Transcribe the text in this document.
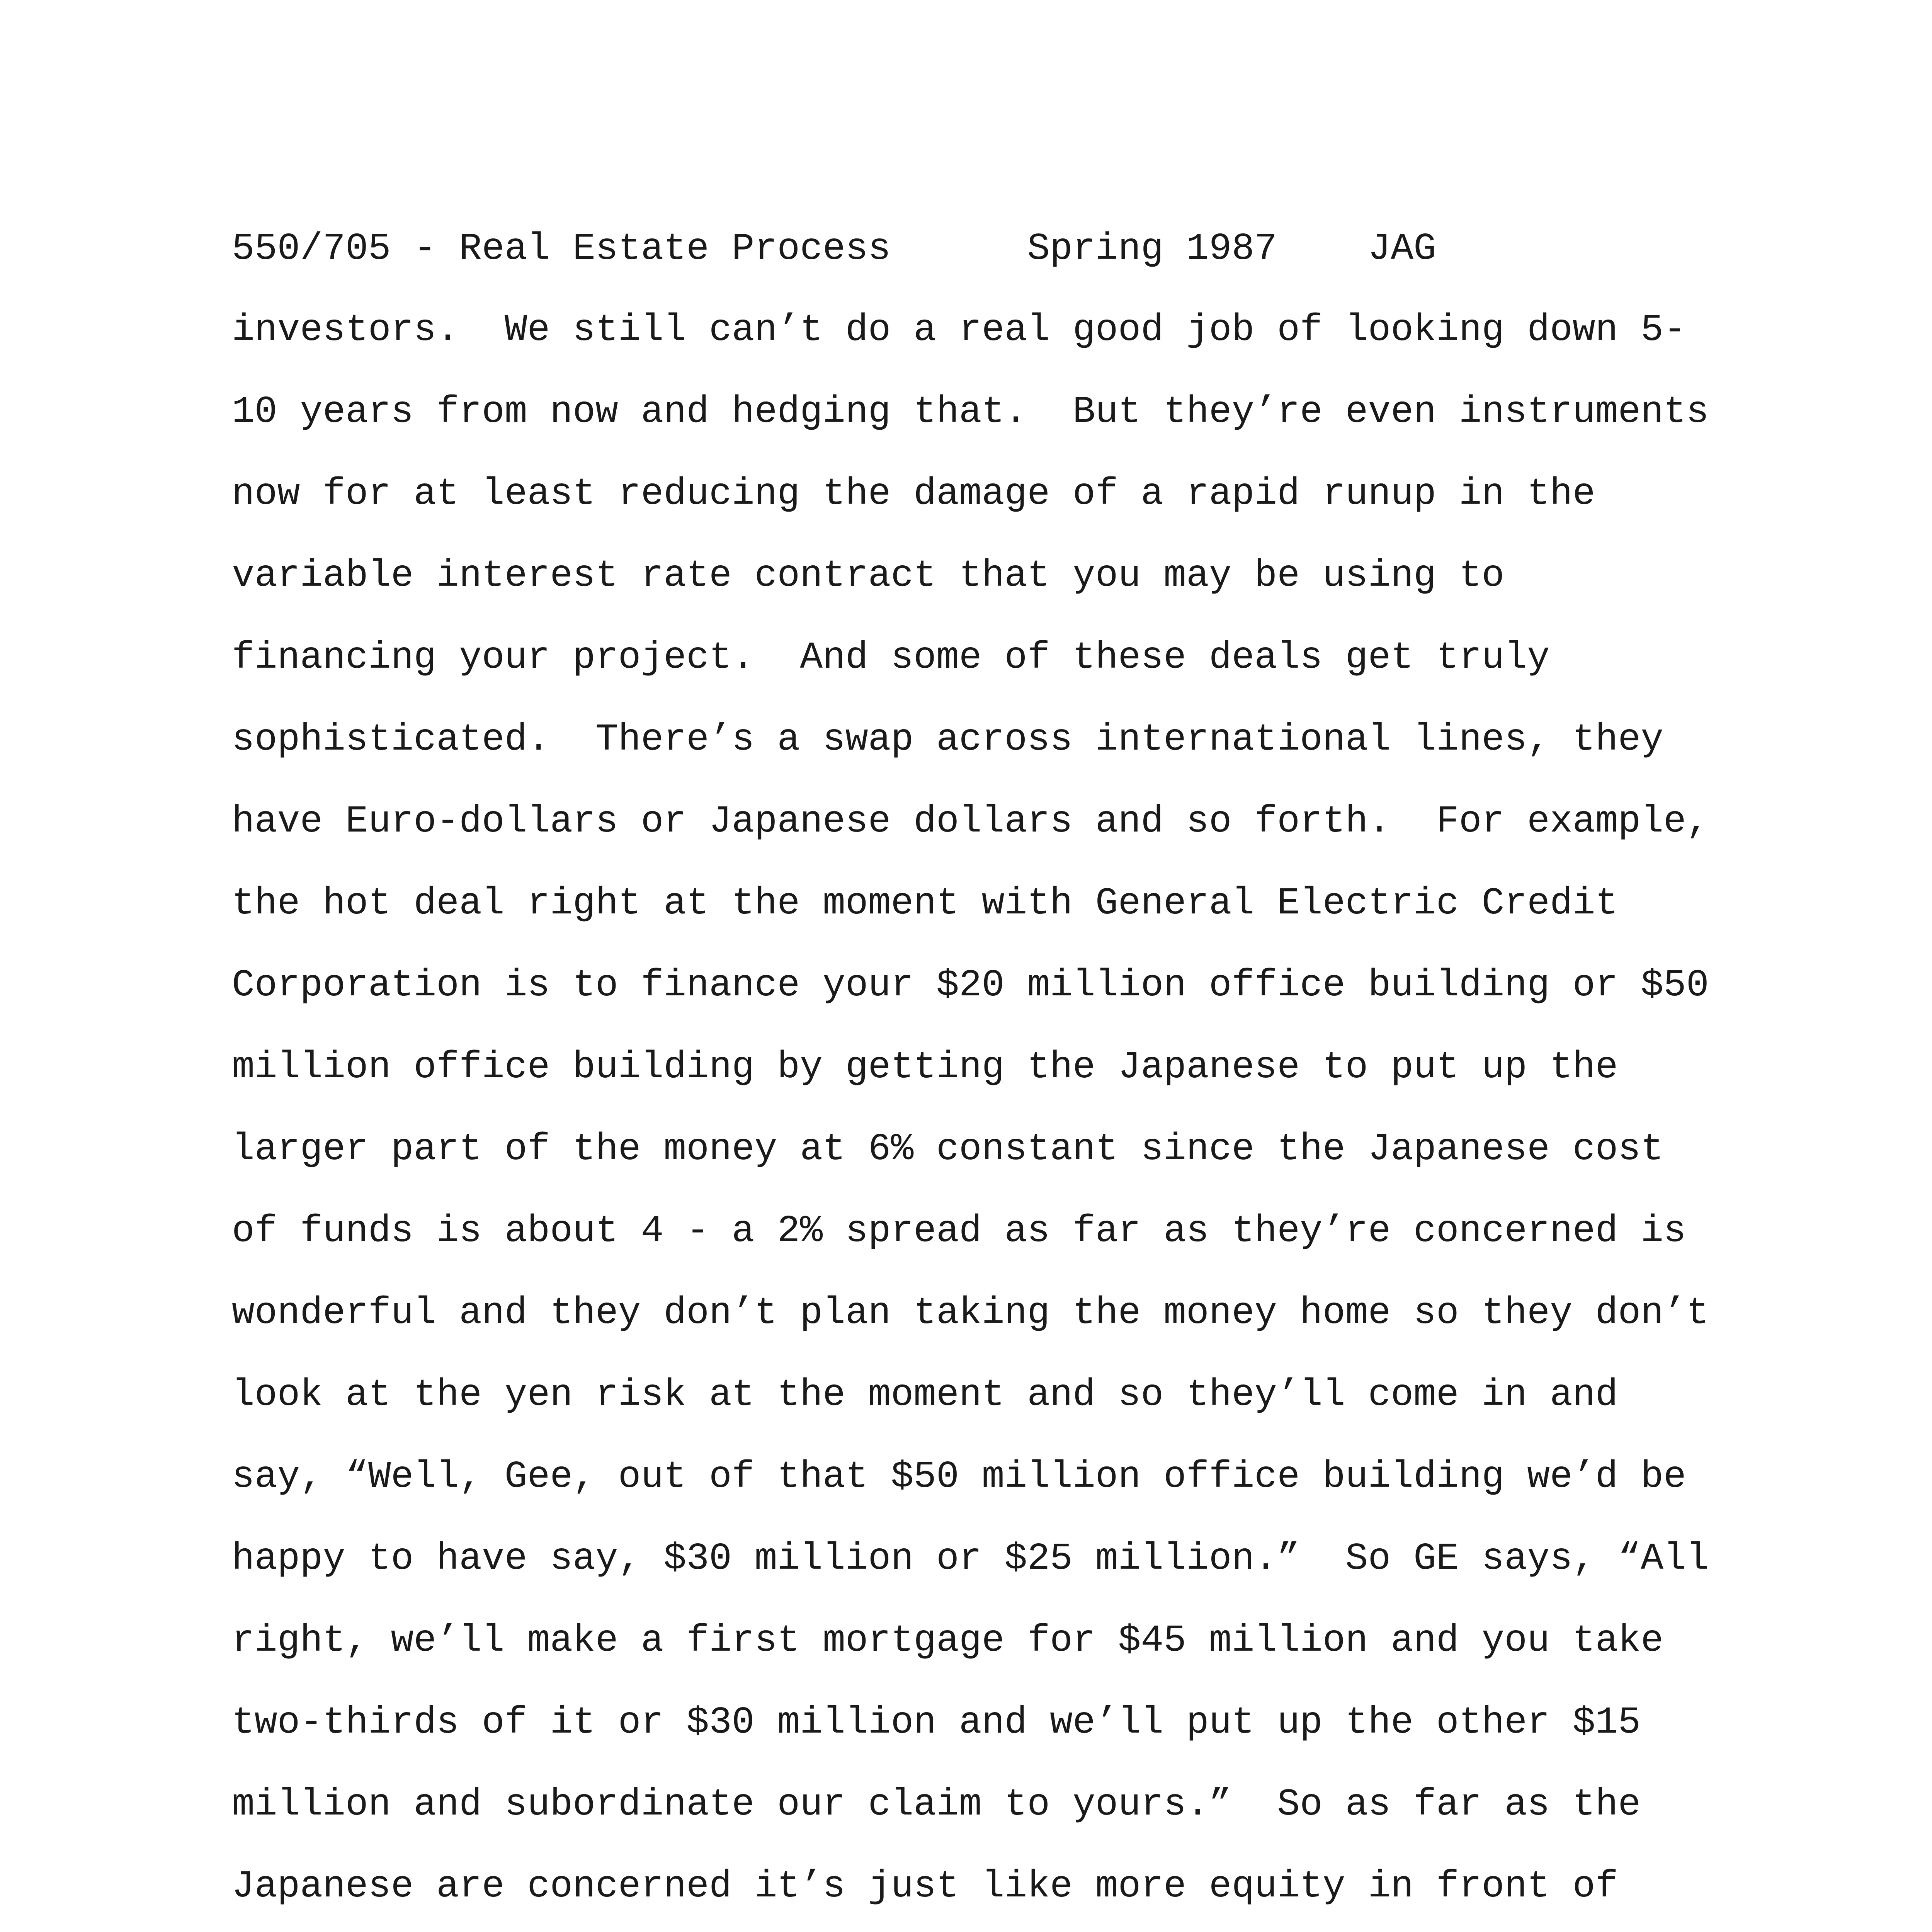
550/705 - Real Estate Process      Spring 1987    JAG
investors.  We still can’t do a real good job of looking down 5-
10 years from now and hedging that.  But they’re even instruments
now for at least reducing the damage of a rapid runup in the
variable interest rate contract that you may be using to
financing your project.  And some of these deals get truly
sophisticated.  There’s a swap across international lines, they
have Euro-dollars or Japanese dollars and so forth.  For example,
the hot deal right at the moment with General Electric Credit
Corporation is to finance your $20 million office building or $50
million office building by getting the Japanese to put up the
larger part of the money at 6% constant since the Japanese cost
of funds is about 4 - a 2% spread as far as they’re concerned is
wonderful and they don’t plan taking the money home so they don’t
look at the yen risk at the moment and so they’ll come in and
say, “Well, Gee, out of that $50 million office building we’d be
happy to have say, $30 million or $25 million.”  So GE says, “All
right, we’ll make a first mortgage for $45 million and you take
two-thirds of it or $30 million and we’ll put up the other $15
million and subordinate our claim to yours.”  So as far as the
Japanese are concerned it’s just like more equity in front of
